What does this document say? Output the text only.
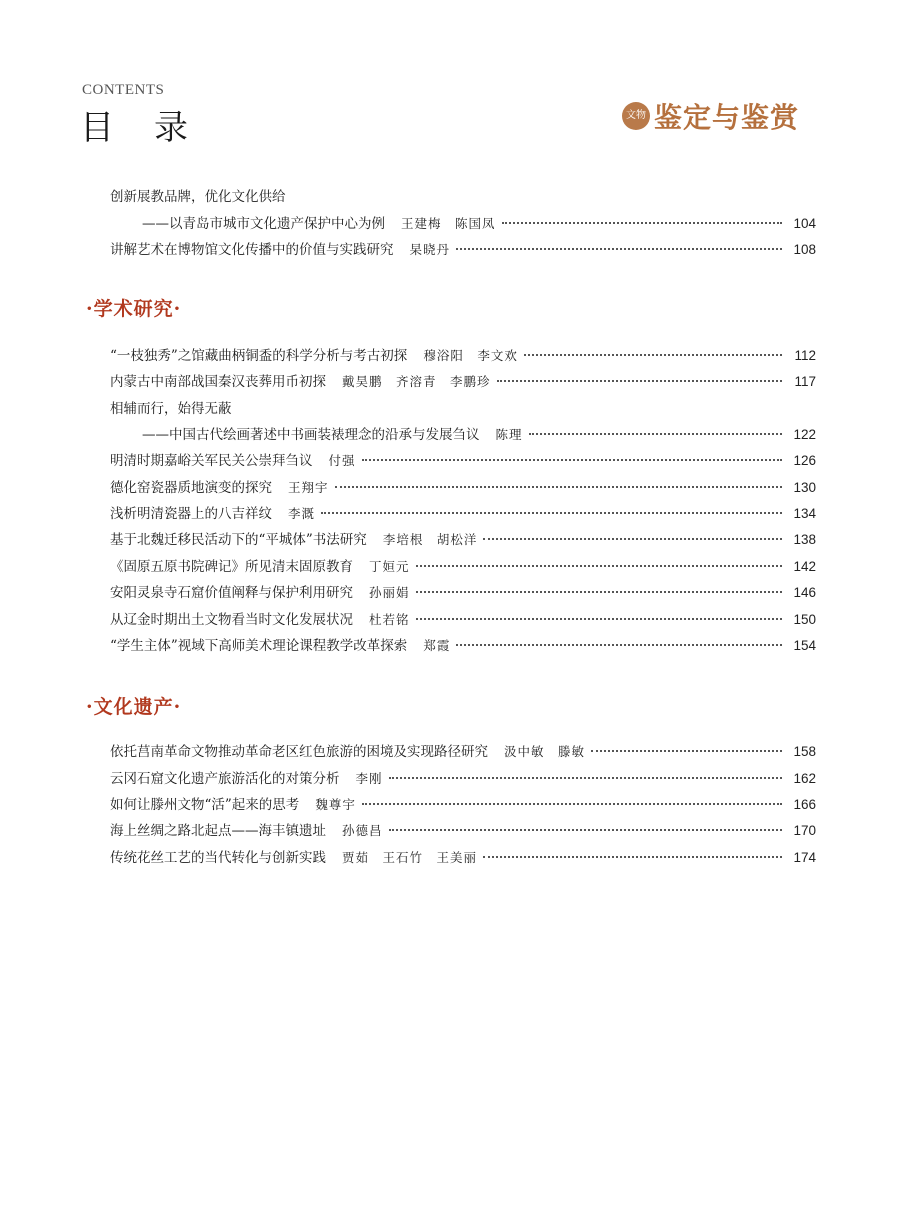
CONTENTS
目录	文物 鉴定与鉴赏
创新展教品牌，优化文化供给
——以青岛市城市文化遗产保护中心为例 王建梅　陈国凤	104
讲解艺术在博物馆文化传播中的价值与实践研究 杲晓丹	108
·学术研究·
“一枝独秀”之馆藏曲柄铜盉的科学分析与考古初探 穆浴阳　李文欢	112
内蒙古中南部战国秦汉丧葬用币初探 戴昊鹏　齐溶青　李鹏珍	117
相辅而行，始得无蔽
——中国古代绘画著述中书画装裱理念的沿承与发展刍议 陈理	122
明清时期嘉峪关军民关公崇拜刍议 付强	126
德化窑瓷器质地演变的探究 王翔宇	130
浅析明清瓷器上的八吉祥纹 李溉	134
基于北魏迁移民活动下的“平城体”书法研究 李培根　胡松洋	138
《固原五原书院碑记》所见清末固原教育 丁姮元	142
安阳灵泉寺石窟价值阐释与保护利用研究 孙丽娟	146
从辽金时期出土文物看当时文化发展状况 杜若铭	150
“学生主体”视域下高师美术理论课程教学改革探索 郑霞	154
·文化遗产·
依托莒南革命文物推动革命老区红色旅游的困境及实现路径研究 汲中敏　滕敏	158
云冈石窟文化遗产旅游活化的对策分析 李刚	162
如何让滕州文物“活”起来的思考 魏尊宇	166
海上丝绸之路北起点——海丰镇遗址 孙德昌	170
传统花丝工艺的当代转化与创新实践 贾茹　王石竹　王美丽	174
